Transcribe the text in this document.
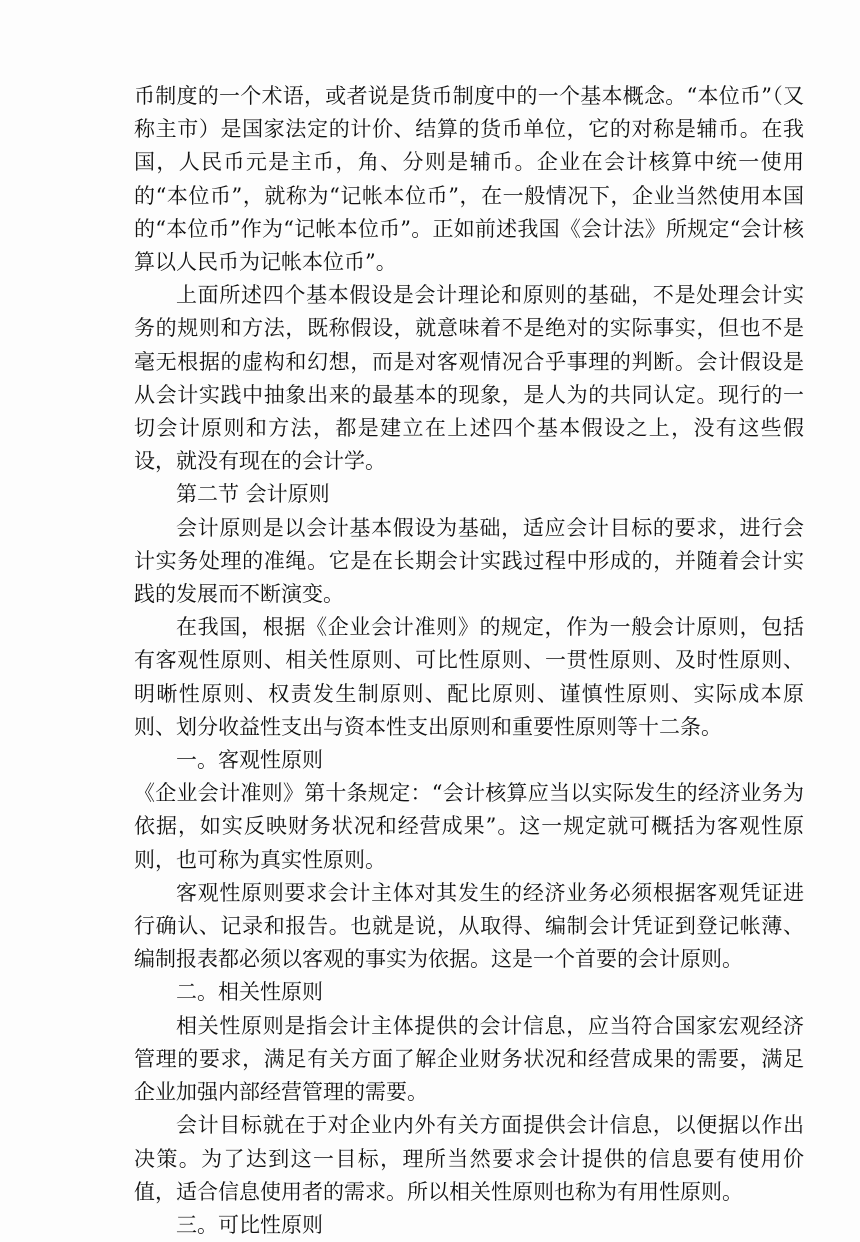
币制度的一个术语，或者说是货币制度中的一个基本概念。“本位币”（又称主市）是国家法定的计价、结算的货币单位，它的对称是辅币。在我国，人民币元是主币，角、分则是辅币。企业在会计核算中统一使用的“本位币”，就称为“记帐本位币”，在一般情况下，企业当然使用本国的“本位币”作为“记帐本位币”。正如前述我国《会计法》所规定“会计核算以人民币为记帐本位币”。

上面所述四个基本假设是会计理论和原则的基础，不是处理会计实务的规则和方法，既称假设，就意味着不是绝对的实际事实，但也不是毫无根据的虚构和幻想，而是对客观情况合乎事理的判断。会计假设是从会计实践中抽象出来的最基本的现象，是人为的共同认定。现行的一切会计原则和方法，都是建立在上述四个基本假设之上，没有这些假设，就没有现在的会计学。

第二节 会计原则

会计原则是以会计基本假设为基础，适应会计目标的要求，进行会计实务处理的准绳。它是在长期会计实践过程中形成的，并随着会计实践的发展而不断演变。

在我国，根据《企业会计准则》的规定，作为一般会计原则，包括有客观性原则、相关性原则、可比性原则、一贯性原则、及时性原则、明晰性原则、权责发生制原则、配比原则、谨慎性原则、实际成本原则、划分收益性支出与资本性支出原则和重要性原则等十二条。

一。客观性原则

《企业会计准则》第十条规定：“会计核算应当以实际发生的经济业务为依据，如实反映财务状况和经营成果”。这一规定就可概括为客观性原则，也可称为真实性原则。

客观性原则要求会计主体对其发生的经济业务必须根据客观凭证进行确认、记录和报告。也就是说，从取得、编制会计凭证到登记帐薄、编制报表都必须以客观的事实为依据。这是一个首要的会计原则。

二。相关性原则

相关性原则是指会计主体提供的会计信息，应当符合国家宏观经济管理的要求，满足有关方面了解企业财务状况和经营成果的需要，满足企业加强内部经营管理的需要。

会计目标就在于对企业内外有关方面提供会计信息，以便据以作出决策。为了达到这一目标，理所当然要求会计提供的信息要有使用价值，适合信息使用者的需求。所以相关性原则也称为有用性原则。

三。可比性原则
